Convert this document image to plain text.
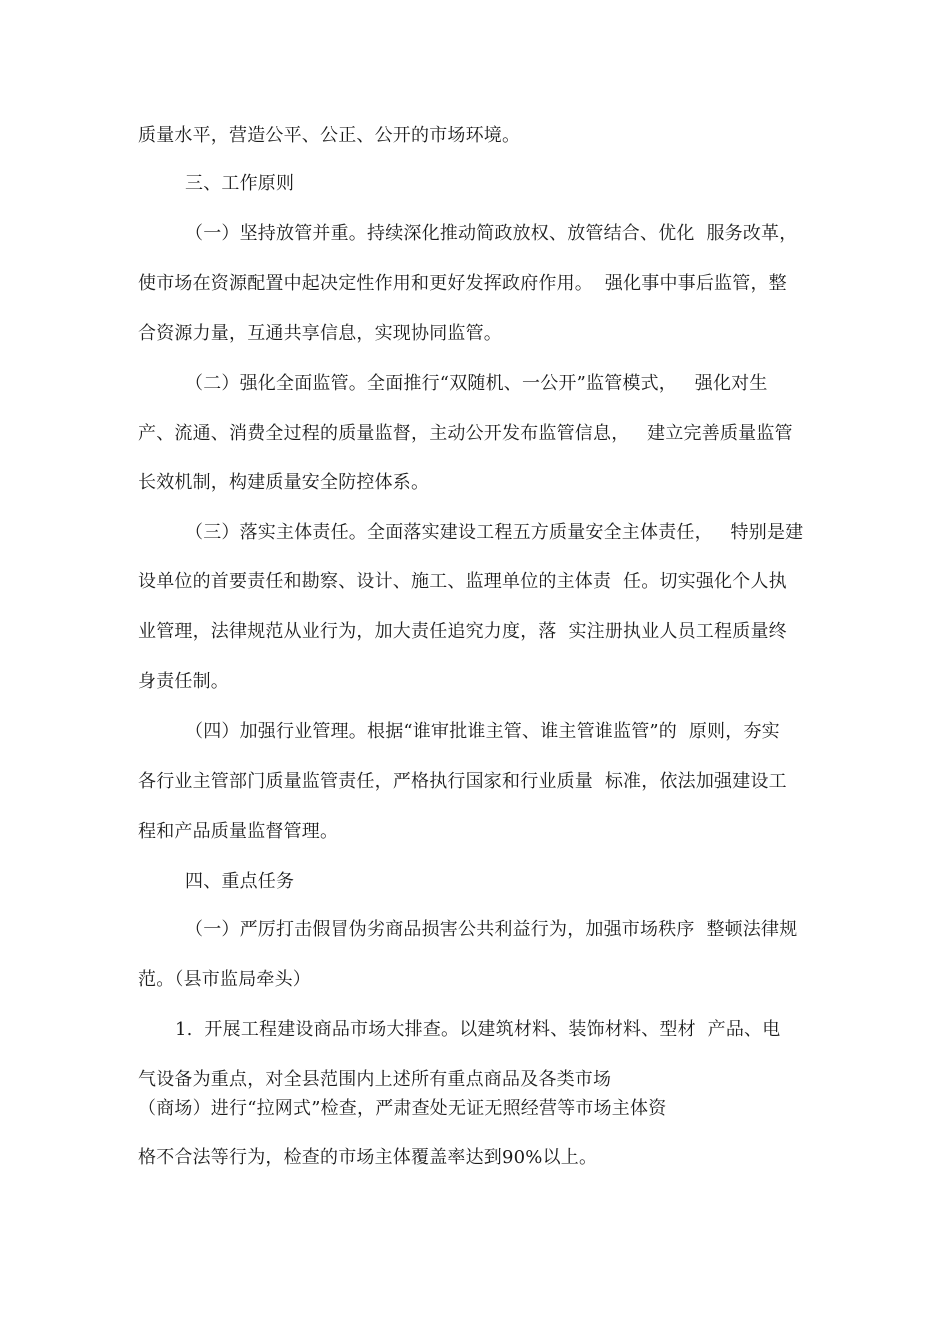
质量水平，营造公平、公正、公开的市场环境。
三、工作原则
（一）坚持放管并重。持续深化推动简政放权、放管结合、优化  服务改革，
使市场在资源配置中起决定性作用和更好发挥政府作用。  强化事中事后监管，整
合资源力量，互通共享信息，实现协同监管。
（二）强化全面监管。全面推行“双随机、一公开”监管模式，   强化对生
产、流通、消费全过程的质量监督，主动公开发布监管信息，   建立完善质量监管
长效机制，构建质量安全防控体系。
（三）落实主体责任。全面落实建设工程五方质量安全主体责任，   特别是建
设单位的首要责任和勘察、设计、施工、监理单位的主体责  任。切实强化个人执
业管理，法律规范从业行为，加大责任追究力度，落  实注册执业人员工程质量终
身责任制。
（四）加强行业管理。根据“谁审批谁主管、谁主管谁监管”的  原则，夯实
各行业主管部门质量监管责任，严格执行国家和行业质量  标准，依法加强建设工
程和产品质量监督管理。
四、重点任务
（一）严厉打击假冒伪劣商品损害公共利益行为，加强市场秩序  整顿法律规
范。（县市监局牵头）
1.  开展工程建设商品市场大排查。以建筑材料、装饰材料、型材  产品、电
气设备为重点，对全县范围内上述所有重点商品及各类市场
（商场）进行“拉网式”检查，严肃查处无证无照经营等市场主体资
格不合法等行为，检查的市场主体覆盖率达到90%以上。
